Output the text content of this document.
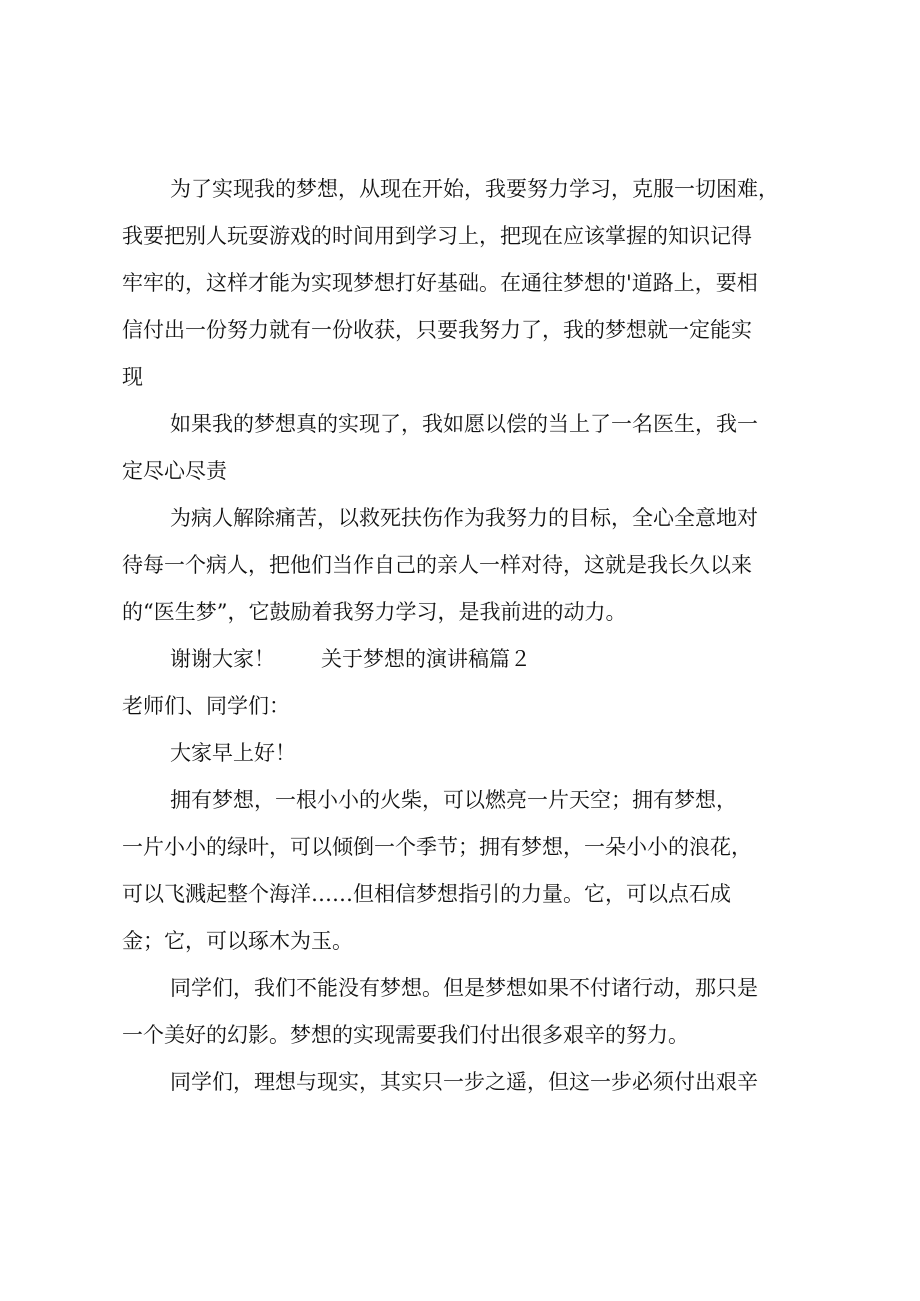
为了实现我的梦想，从现在开始，我要努力学习，克服一切困难，
我要把别人玩耍游戏的时间用到学习上，把现在应该掌握的知识记得
牢牢的，这样才能为实现梦想打好基础。在通往梦想的'道路上，要相
信付出一份努力就有一份收获，只要我努力了，我的梦想就一定能实
现
如果我的梦想真的实现了，我如愿以偿的当上了一名医生，我一
定尽心尽责
为病人解除痛苦，以救死扶伤作为我努力的目标，全心全意地对
待每一个病人，把他们当作自己的亲人一样对待，这就是我长久以来
的“医生梦”，它鼓励着我努力学习，是我前进的动力。
谢谢大家！ 关于梦想的演讲稿篇２
老师们、同学们：
大家早上好！
拥有梦想，一根小小的火柴，可以燃亮一片天空；拥有梦想，
一片小小的绿叶，可以倾倒一个季节；拥有梦想，一朵小小的浪花，
可以飞溅起整个海洋……但相信梦想指引的力量。它，可以点石成
金；它，可以琢木为玉。
同学们，我们不能没有梦想。但是梦想如果不付诸行动，那只是
一个美好的幻影。梦想的实现需要我们付出很多艰辛的努力。
同学们，理想与现实，其实只一步之遥，但这一步必须付出艰辛
